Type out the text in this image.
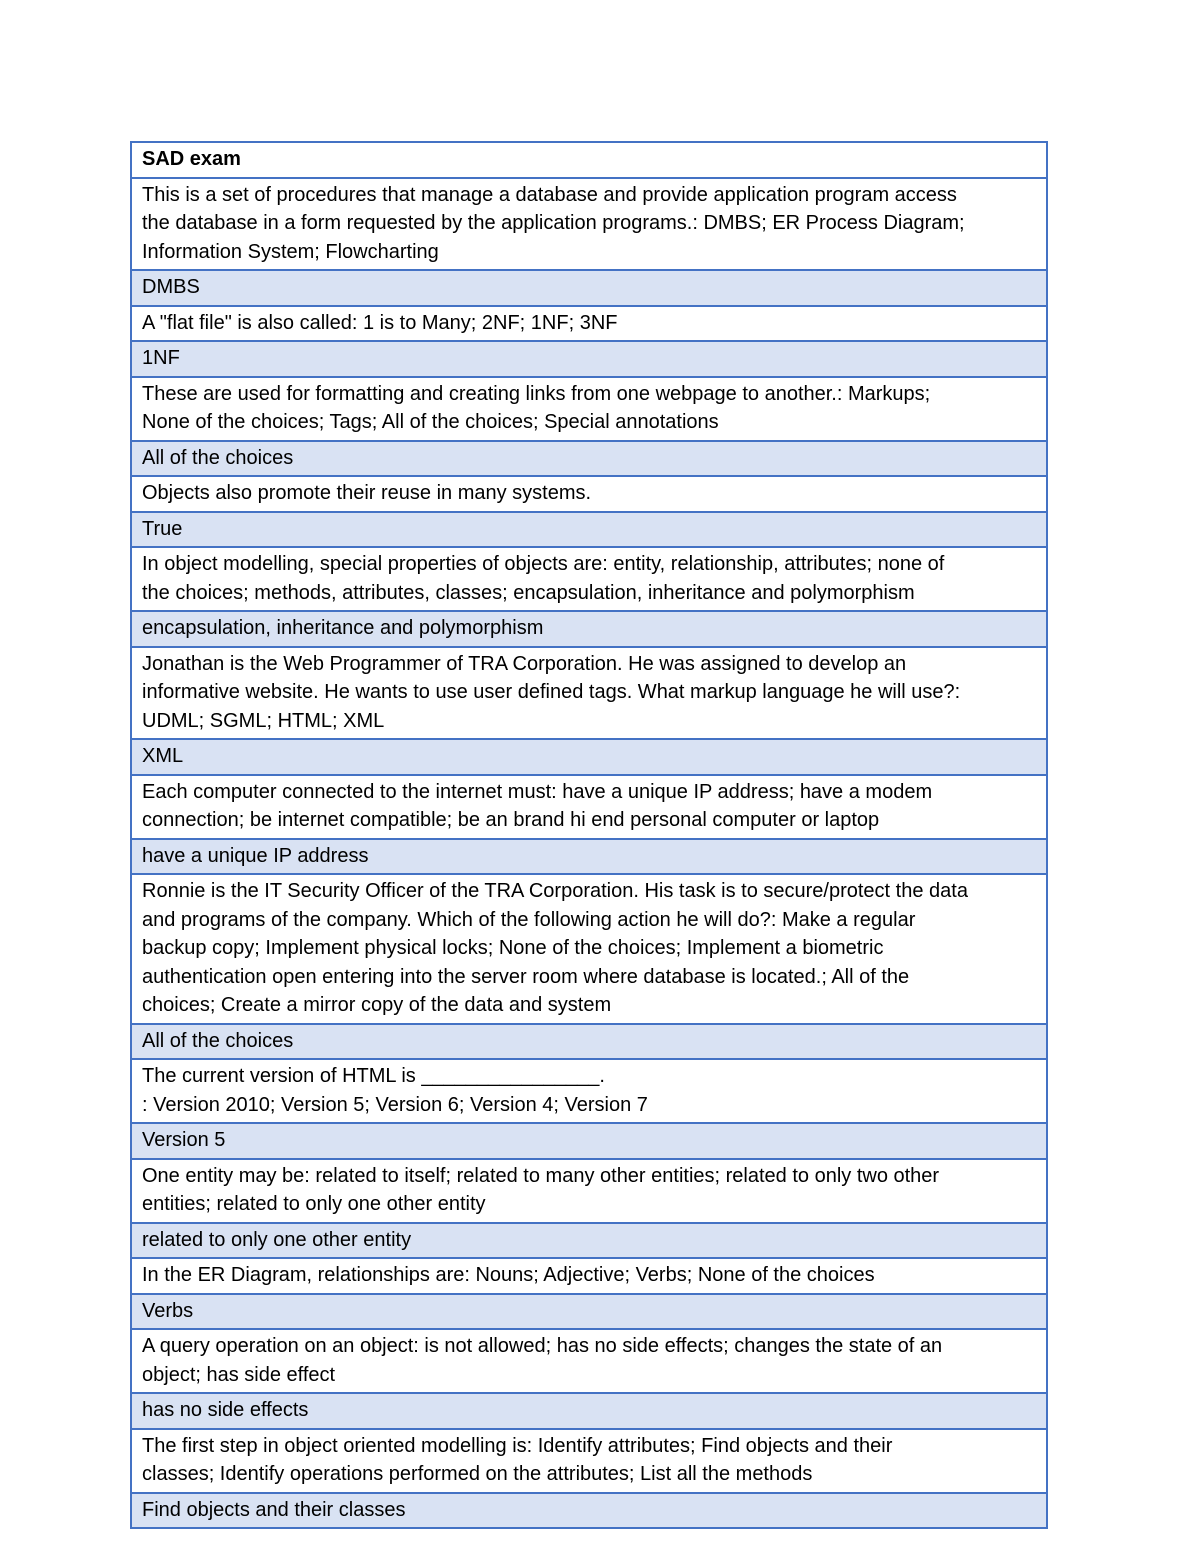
SAD exam

This is a set of procedures that manage a database and provide application program access
the database in a form requested by the application programs.: DMBS; ER Process Diagram;
Information System; Flowcharting

DMBS

A "flat file" is also called: 1 is to Many; 2NF; 1NF; 3NF

1NF

These are used for formatting and creating links from one webpage to another.: Markups;
None of the choices; Tags; All of the choices; Special annotations

All of the choices

Objects also promote their reuse in many systems.

True

In object modelling, special properties of objects are: entity, relationship, attributes; none of
the choices; methods, attributes, classes; encapsulation, inheritance and polymorphism

encapsulation, inheritance and polymorphism

Jonathan is the Web Programmer of TRA Corporation. He was assigned to develop an
informative website. He wants to use user defined tags. What markup language he will use?:
UDML; SGML; HTML; XML

XML

Each computer connected to the internet must: have a unique IP address; have a modem
connection; be internet compatible; be an brand hi end personal computer or laptop

have a unique IP address

Ronnie is the IT Security Officer of the TRA Corporation. His task is to secure/protect the data
and programs of the company. Which of the following action he will do?: Make a regular
backup copy; Implement physical locks; None of the choices; Implement a biometric
authentication open entering into the server room where database is located.; All of the
choices; Create a mirror copy of the data and system

All of the choices

The current version of HTML is ________________.
: Version 2010; Version 5; Version 6; Version 4; Version 7

Version 5

One entity may be: related to itself; related to many other entities; related to only two other
entities; related to only one other entity

related to only one other entity

In the ER Diagram, relationships are: Nouns; Adjective; Verbs; None of the choices

Verbs

A query operation on an object: is not allowed; has no side effects; changes the state of an
object; has side effect

has no side effects

The first step in object oriented modelling is: Identify attributes; Find objects and their
classes; Identify operations performed on the attributes; List all the methods

Find objects and their classes
